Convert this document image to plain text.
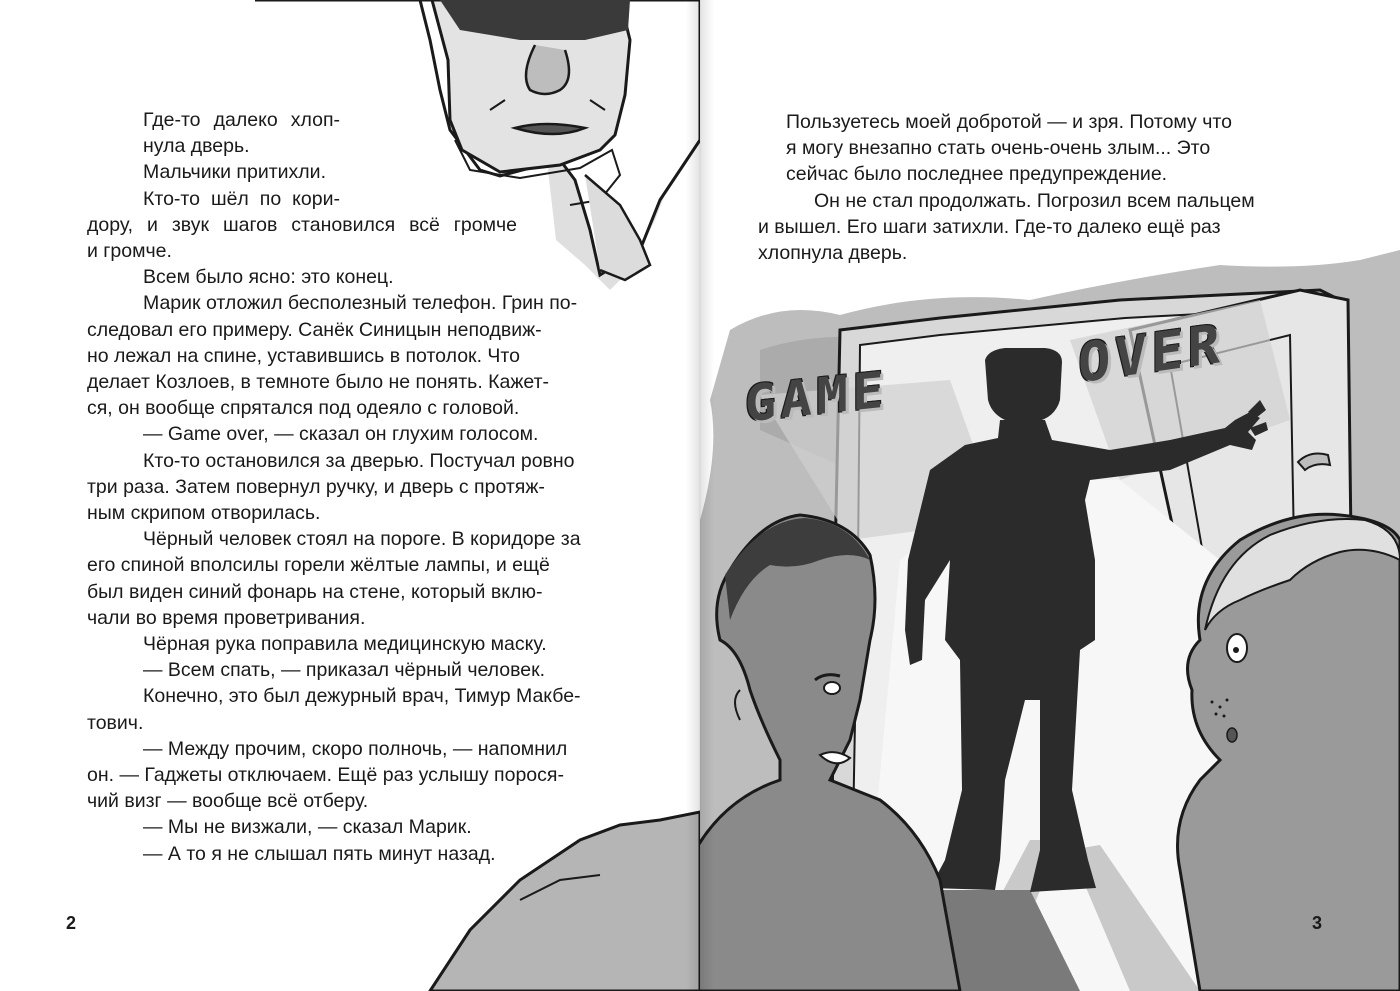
Где-то далеко хлоп-
нула дверь.

Мальчики притихли.

Кто-то шёл по кори-
дору, и звук шагов становился всё громче
и громче.

Всем было ясно: это конец.

Марик отложил бесполезный телефон. Грин по-
следовал его примеру. Санёк Синицын неподвиж-
но лежал на спине, уставившись в потолок. Что
делает Козлоев, в темноте было не понять. Кажет-
ся, он вообще спрятался под одеяло с головой.

— Game over, — сказал он глухим голосом.

Кто-то остановился за дверью. Постучал ровно
три раза. Затем повернул ручку, и дверь с протяж-
ным скрипом отворилась.

Чёрный человек стоял на пороге. В коридоре за
его спиной вполсилы горели жёлтые лампы, и ещё
был виден синий фонарь на стене, который вклю-
чали во время проветривания.

Чёрная рука поправила медицинскую маску.

— Всем спать, — приказал чёрный человек.

Конечно, это был дежурный врач, Тимур Макбе-
тович.

— Между прочим, скоро полночь, — напомнил
он. — Гаджеты отключаем. Ещё раз услышу порося-
чий визг — вообще всё отберу.

— Мы не визжали, — сказал Марик.

— А то я не слышал пять минут назад.

2
GAME
OVER
3

Пользуетесь моей добротой — и зря. Потому что
я могу внезапно стать очень-очень злым... Это
сейчас было последнее предупреждение.

Он не стал продолжать. Погрозил всем пальцем
и вышел. Его шаги затихли. Где-то далеко ещё раз
хлопнула дверь.
